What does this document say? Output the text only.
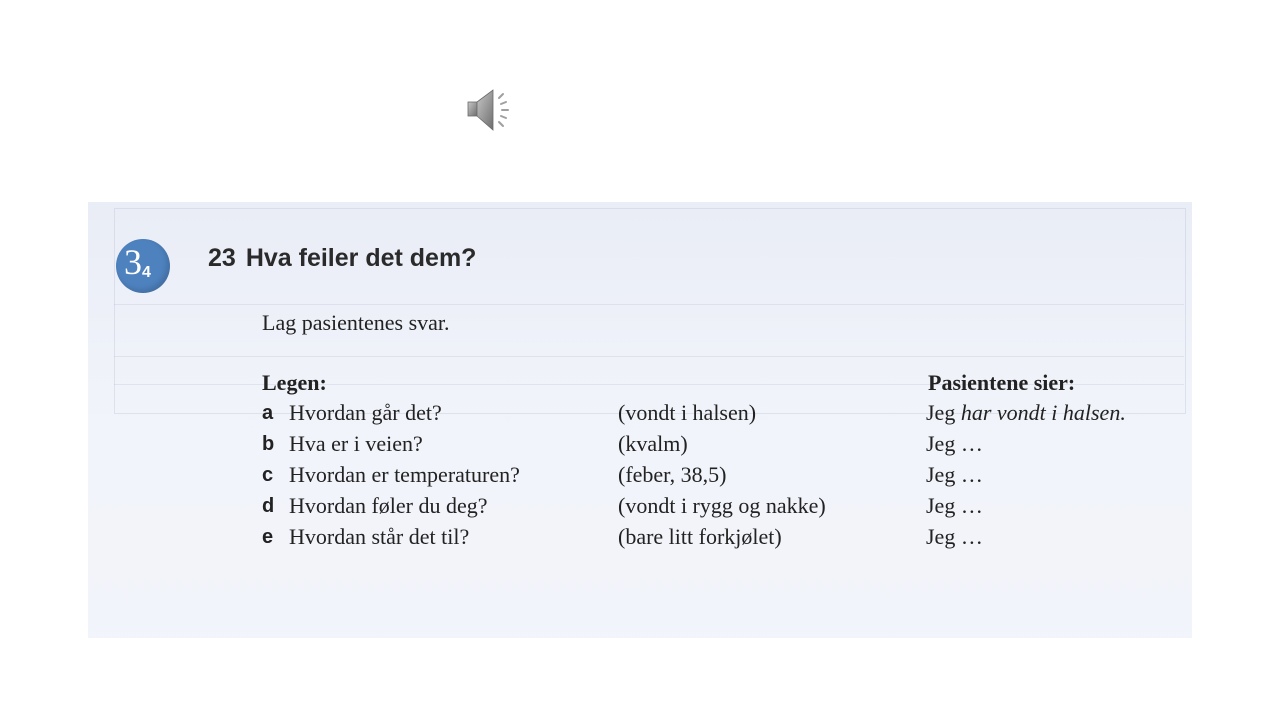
3 4
23 Hva feiler det dem?
Lag pasientenes svar.
Legen:	Pasientene sier:
a Hvordan går det?	(vondt i halsen)	Jeg har vondt i halsen.
b Hva er i veien?	(kvalm)	Jeg …
c Hvordan er temperaturen?	(feber, 38,5)	Jeg …
d Hvordan føler du deg?	(vondt i rygg og nakke)	Jeg …
e Hvordan står det til?	(bare litt forkjølet)	Jeg …
